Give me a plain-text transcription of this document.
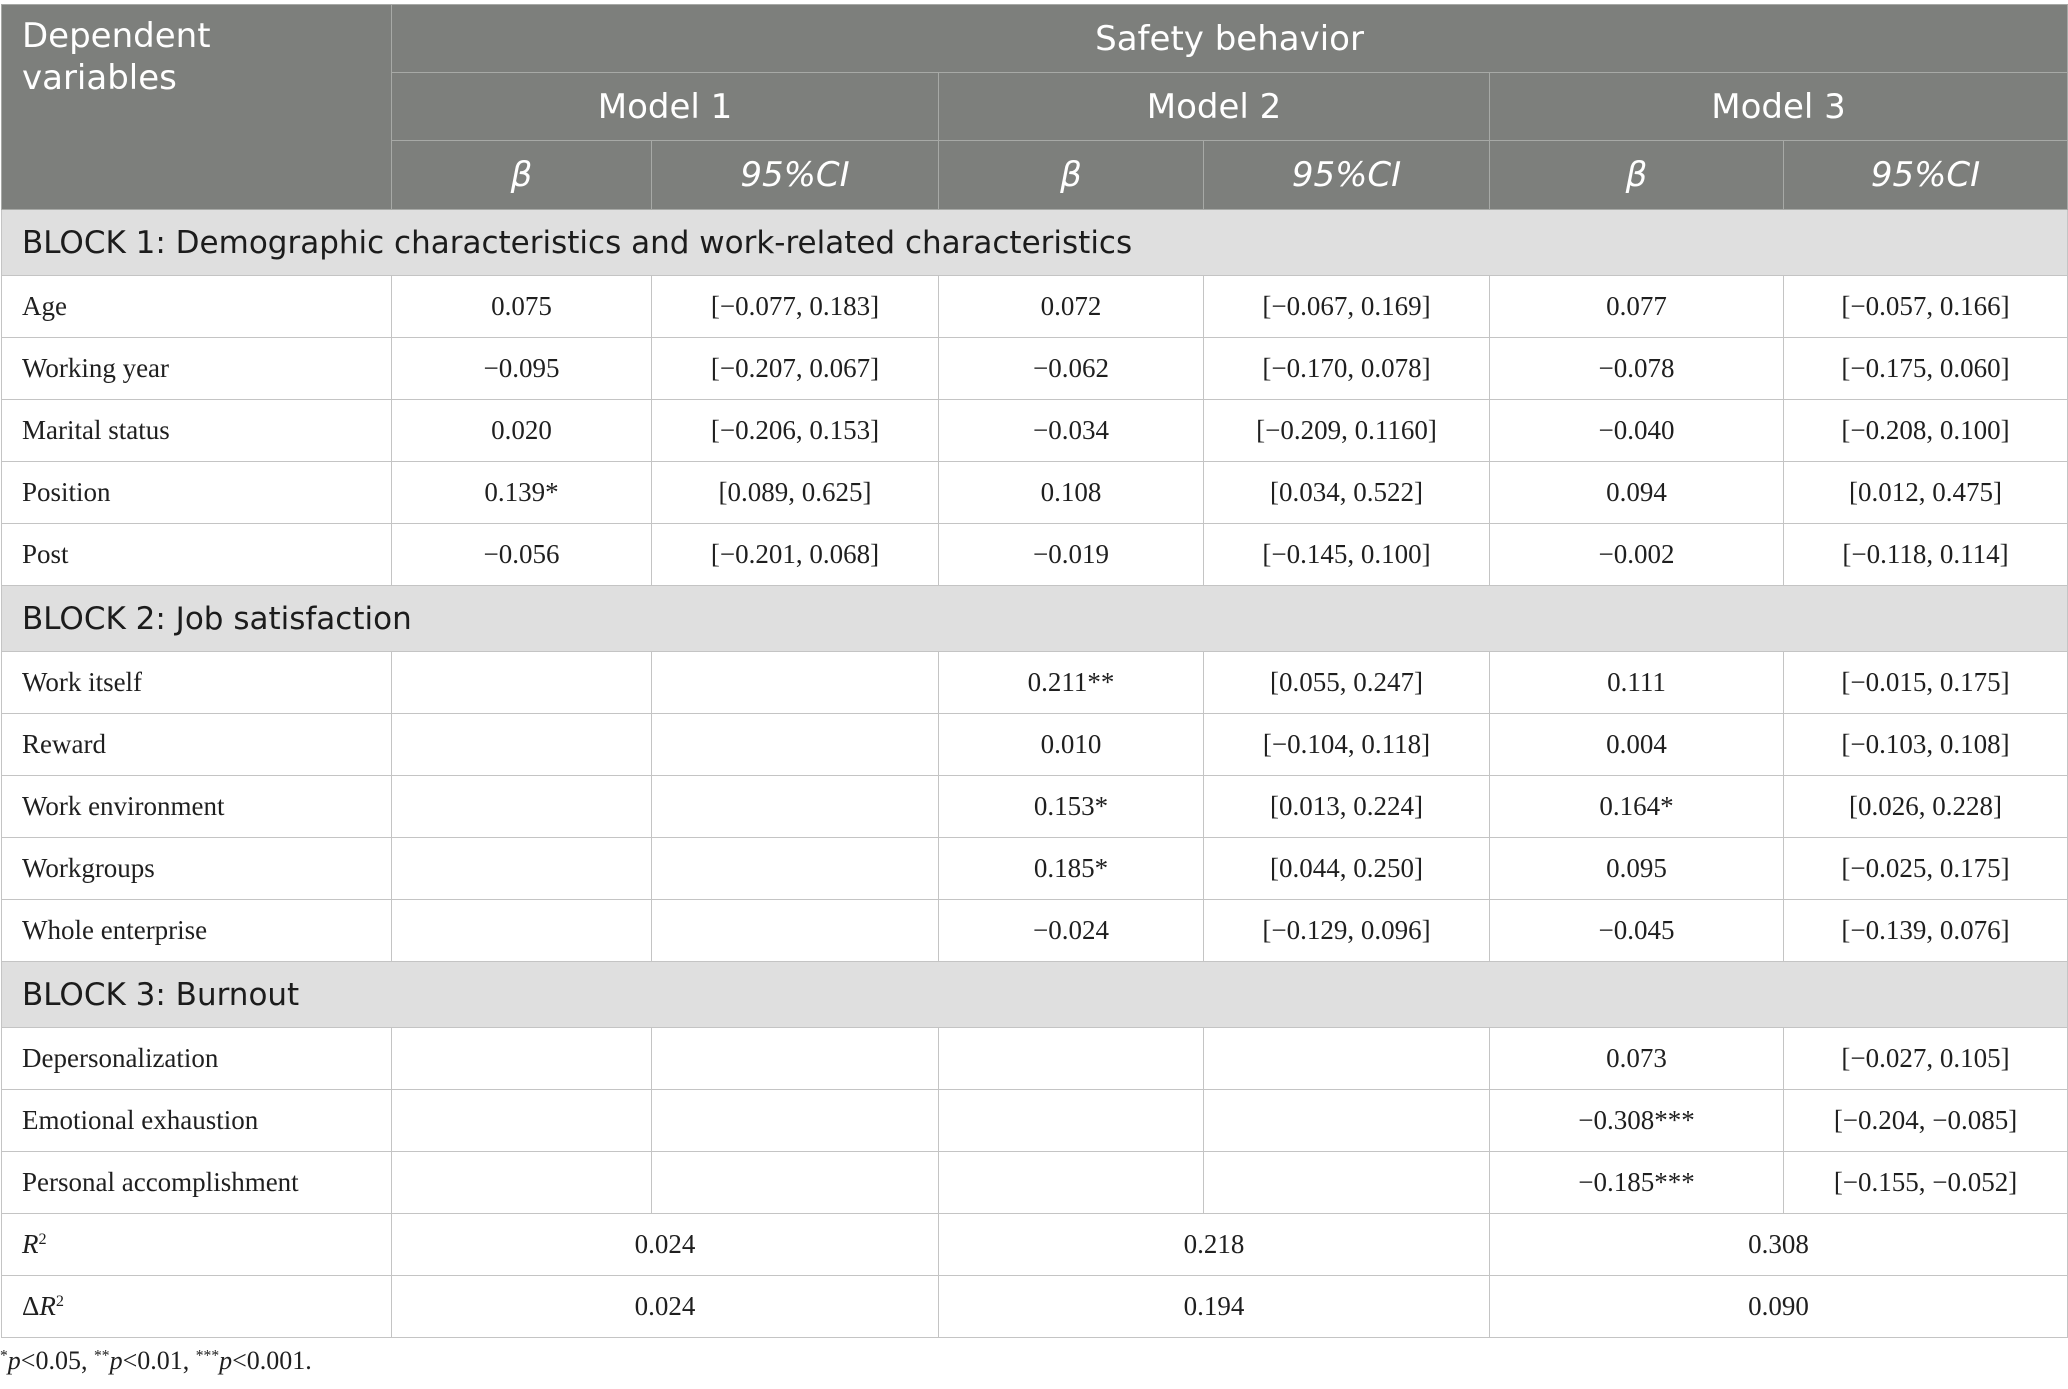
Dependent variables	Safety behavior					
	Model 1		Model 2		Model 3	
	β	95%CI	β	95%CI	β	95%CI
BLOCK 1: Demographic characteristics and work-related characteristics						
Age	0.075	[−0.077, 0.183]	0.072	[−0.067, 0.169]	0.077	[−0.057, 0.166]
Working year	−0.095	[−0.207, 0.067]	−0.062	[−0.170, 0.078]	−0.078	[−0.175, 0.060]
Marital status	0.020	[−0.206, 0.153]	−0.034	[−0.209, 0.1160]	−0.040	[−0.208, 0.100]
Position	0.139*	[0.089, 0.625]	0.108	[0.034, 0.522]	0.094	[0.012, 0.475]
Post	−0.056	[−0.201, 0.068]	−0.019	[−0.145, 0.100]	−0.002	[−0.118, 0.114]
BLOCK 2: Job satisfaction						
Work itself			0.211**	[0.055, 0.247]	0.111	[−0.015, 0.175]
Reward			0.010	[−0.104, 0.118]	0.004	[−0.103, 0.108]
Work environment			0.153*	[0.013, 0.224]	0.164*	[0.026, 0.228]
Workgroups			0.185*	[0.044, 0.250]	0.095	[−0.025, 0.175]
Whole enterprise			−0.024	[−0.129, 0.096]	−0.045	[−0.139, 0.076]
BLOCK 3: Burnout						
Depersonalization					0.073	[−0.027, 0.105]
Emotional exhaustion					−0.308***	[−0.204, −0.085]
Personal accomplishment					−0.185***	[−0.155, −0.052]
$R^2$	0.024		0.218		0.308	
$\Delta R^2$	0.024		0.194		0.090	
*p<0.05, **p<0.01, ***p<0.001.
